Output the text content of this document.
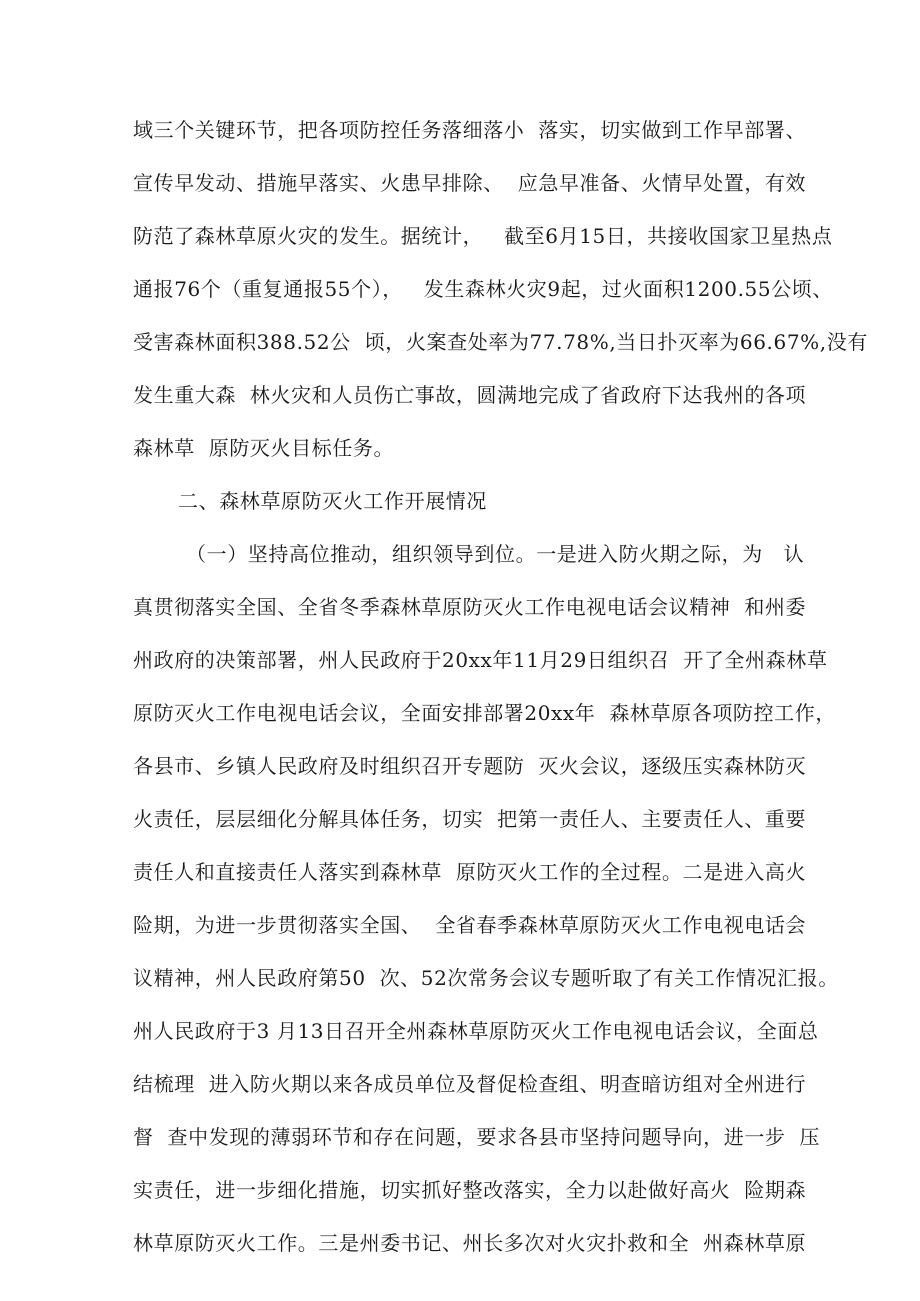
域三个关键环节，把各项防控任务落细落小  落实，切实做到工作早部署、
宣传早发动、措施早落实、火患早排除、  应急早准备、火情早处置，有效
防范了森林草原火灾的发生。据统计，   截至6月15日，共接收国家卫星热点
通报76个（重复通报55个），   发生森林火灾9起，过火面积1200.55公顷、
受害森林面积388.52公  顷，火案查处率为77.78%,当日扑灭率为66.67%,没有
发生重大森  林火灾和人员伤亡事故，圆满地完成了省政府下达我州的各项
森林草  原防灭火目标任务。
二、森林草原防灭火工作开展情况
（一）坚持高位推动，组织领导到位。一是进入防火期之际，为   认
真贯彻落实全国、全省冬季森林草原防灭火工作电视电话会议精神  和州委
州政府的决策部署，州人民政府于20xx年11月29日组织召  开了全州森林草
原防灭火工作电视电话会议，全面安排部署20xx年  森林草原各项防控工作，
各县市、乡镇人民政府及时组织召开专题防  灭火会议，逐级压实森林防灭
火责任，层层细化分解具体任务，切实  把第一责任人、主要责任人、重要
责任人和直接责任人落实到森林草  原防灭火工作的全过程。二是进入高火
险期，为进一步贯彻落实全国、  全省春季森林草原防灭火工作电视电话会
议精神，州人民政府第50  次、52次常务会议专题听取了有关工作情况汇报。
州人民政府于3 月13日召开全州森林草原防灭火工作电视电话会议，全面总
结梳理  进入防火期以来各成员单位及督促检查组、明查暗访组对全州进行
督  查中发现的薄弱环节和存在问题，要求各县市坚持问题导向，进一步  压
实责任，进一步细化措施，切实抓好整改落实，全力以赴做好高火  险期森
林草原防灭火工作。三是州委书记、州长多次对火灾扑救和全  州森林草原
